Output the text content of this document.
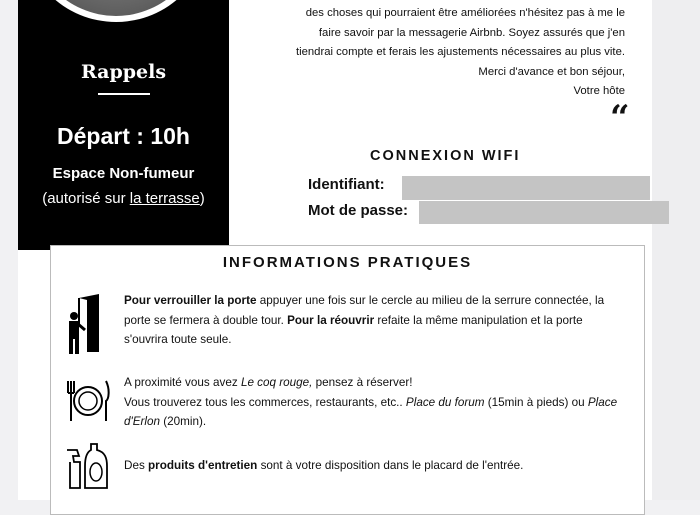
Rappels
Départ : 10h
Espace Non-fumeur
(autorisé sur la terrasse)
des choses qui pourraient être améliorées n'hésitez pas à me le
faire savoir par la messagerie Airbnb. Soyez assurés que j'en
tiendrai compte et ferais les ajustements nécessaires au plus vite.
Merci d'avance et bon séjour,
Votre hôte
“
CONNEXION WIFI
Identifiant:
Mot de passe:
INFORMATIONS PRATIQUES
Pour verrouiller la porte appuyer une fois sur le cercle au milieu de la serrure connectée, la porte se fermera à double tour. Pour la réouvrir refaite la même manipulation et la porte s'ouvrira toute seule.
A proximité vous avez Le coq rouge, pensez à réserver!
Vous trouverez tous les commerces, restaurants, etc.. Place du forum (15min à pieds) ou Place d'Erlon (20min).
Des produits d'entretien sont à votre disposition dans le placard de l'entrée.
